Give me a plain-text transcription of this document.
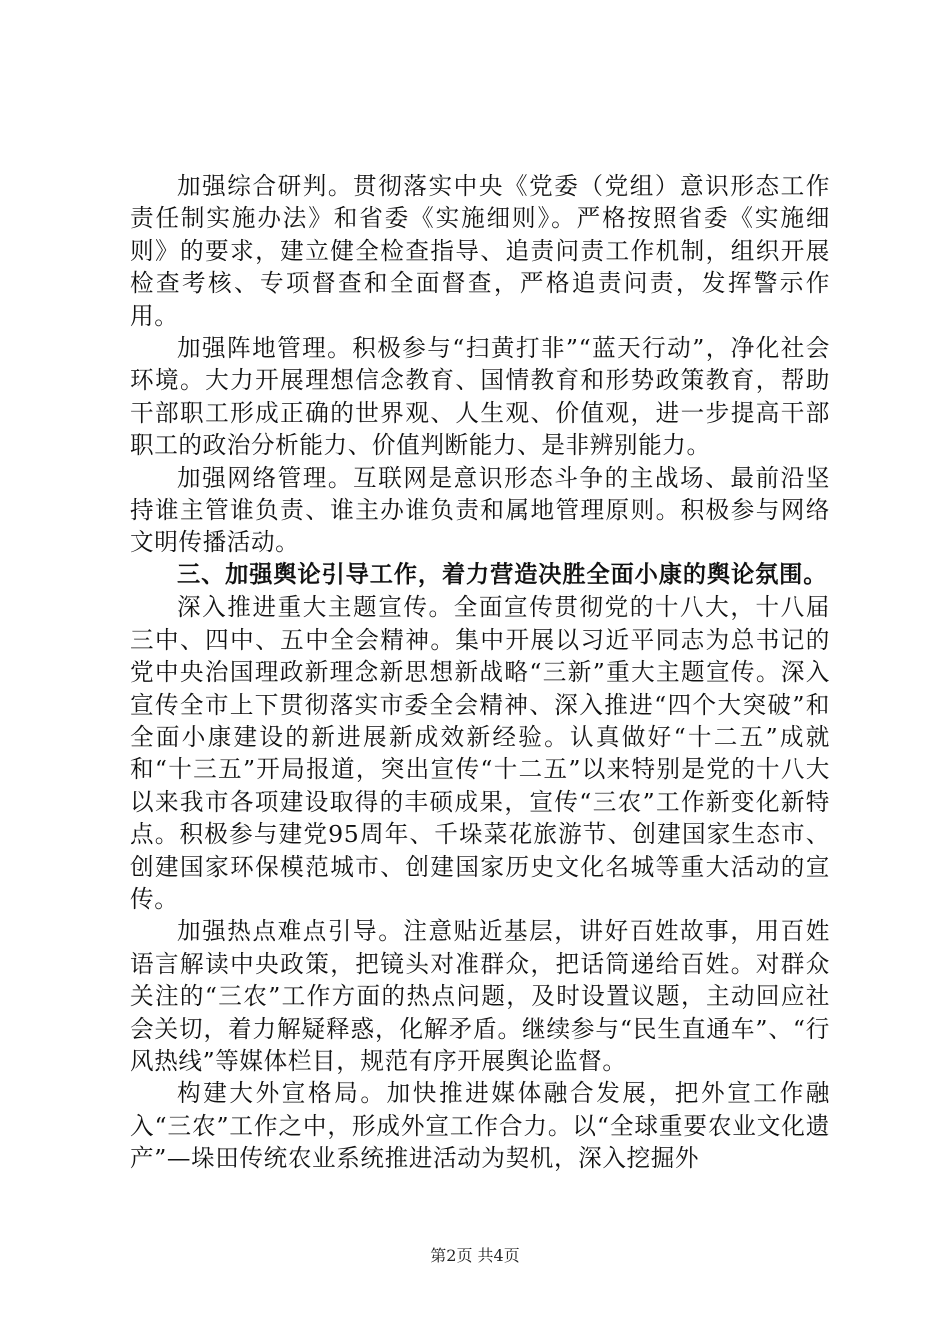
加强综合研判。贯彻落实中央《党委（党组）意识形态工作责任制实施办法》和省委《实施细则》。严格按照省委《实施细则》的要求，建立健全检查指导、追责问责工作机制，组织开展检查考核、专项督查和全面督查，严格追责问责，发挥警示作用。

加强阵地管理。积极参与“扫黄打非”“蓝天行动”，净化社会环境。大力开展理想信念教育、国情教育和形势政策教育，帮助干部职工形成正确的世界观、人生观、价值观，进一步提高干部职工的政治分析能力、价值判断能力、是非辨别能力。

加强网络管理。互联网是意识形态斗争的主战场、最前沿坚持谁主管谁负责、谁主办谁负责和属地管理原则。积极参与网络文明传播活动。

三、加强舆论引导工作，着力营造决胜全面小康的舆论氛围。

深入推进重大主题宣传。全面宣传贯彻党的十八大，十八届三中、四中、五中全会精神。集中开展以习近平同志为总书记的党中央治国理政新理念新思想新战略“三新”重大主题宣传。深入宣传全市上下贯彻落实市委全会精神、深入推进“四个大突破”和全面小康建设的新进展新成效新经验。认真做好“十二五”成就和“十三五”开局报道，突出宣传“十二五”以来特别是党的十八大以来我市各项建设取得的丰硕成果，宣传“三农”工作新变化新特点。积极参与建党95周年、千垛菜花旅游节、创建国家生态市、创建国家环保模范城市、创建国家历史文化名城等重大活动的宣传。

加强热点难点引导。注意贴近基层，讲好百姓故事，用百姓语言解读中央政策，把镜头对准群众，把话筒递给百姓。对群众关注的“三农”工作方面的热点问题，及时设置议题，主动回应社会关切，着力解疑释惑，化解矛盾。继续参与“民生直通车”、“行风热线”等媒体栏目，规范有序开展舆论监督。

构建大外宣格局。加快推进媒体融合发展，把外宣工作融入“三农”工作之中，形成外宣工作合力。以“全球重要农业文化遗产”—垛田传统农业系统推进活动为契机，深入挖掘外

第2页 共4页
